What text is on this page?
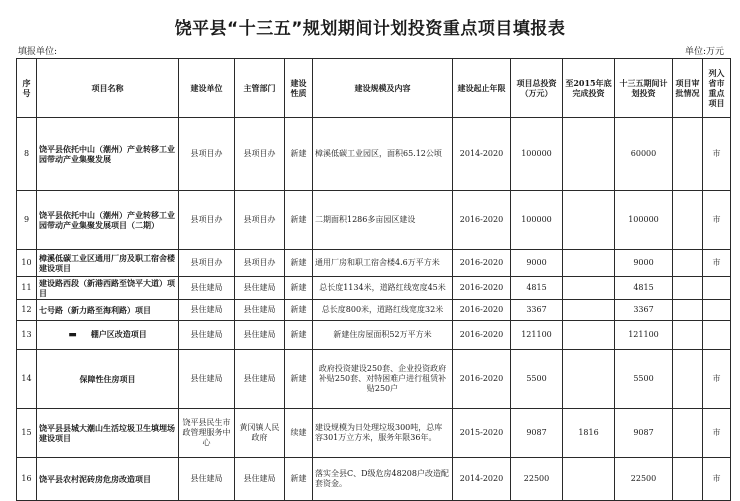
饶平县“十三五”规划期间计划投资重点项目填报表
填报单位:	单位:万元
序号	项目名称	建设单位	主管部门	建设性质	建设规模及内容	建设起止年限	项目总投资（万元）	至2015年底完成投资	十三五期间计划投资	项目审批情况	列入省市重点项目
8	饶平县依托中山（潮州）产业转移工业园带动产业集聚发展	县项目办	县项目办	新建	樟溪低碳工业园区，面积65.12公顷	2014-2020	100000		60000		市
9	饶平县依托中山（潮州）产业转移工业园带动产业集聚发展项目（二期）	县项目办	县项目办	新建	二期面积1286多亩园区建设	2016-2020	100000		100000		市
10	樟溪低碳工业区通用厂房及职工宿舍楼建设项目	县项目办	县项目办	新建	通用厂房和职工宿舍楼4.6万平方米	2016-2020	9000		9000		市
11	建设路西段（新港西路至饶平大道）项目	县住建局	县住建局	新建	总长度1134米，道路红线宽度45米	2016-2020	4815		4815		
12	七号路（新力路至海利路）项目	县住建局	县住建局	新建	总长度800米，道路红线宽度32米	2016-2020	3367		3367		
13	▬ 棚户区改造项目	县住建局	县住建局	新建	新建住房屋面积52万平方米	2016-2020	121100		121100		
14	保障性住房项目	县住建局	县住建局	新建	政府投资建设250套、企业投资政府补贴250套、对特困难户进行租赁补贴250户	2016-2020	5500		5500		市
15	饶平县县城大潮山生活垃圾卫生填埋场建设项目	饶平县民生市政管理服务中心	黄冈镇人民政府	续建	建设规模为日处理垃圾300吨，总库容301万立方米，服务年限36年。	2015-2020	9087	1816	9087		市
16	饶平县农村泥砖房危房改造项目	县住建局	县住建局	新建	落实全县C、D级危房48208户改造配套资金。	2014-2020	22500		22500		市
